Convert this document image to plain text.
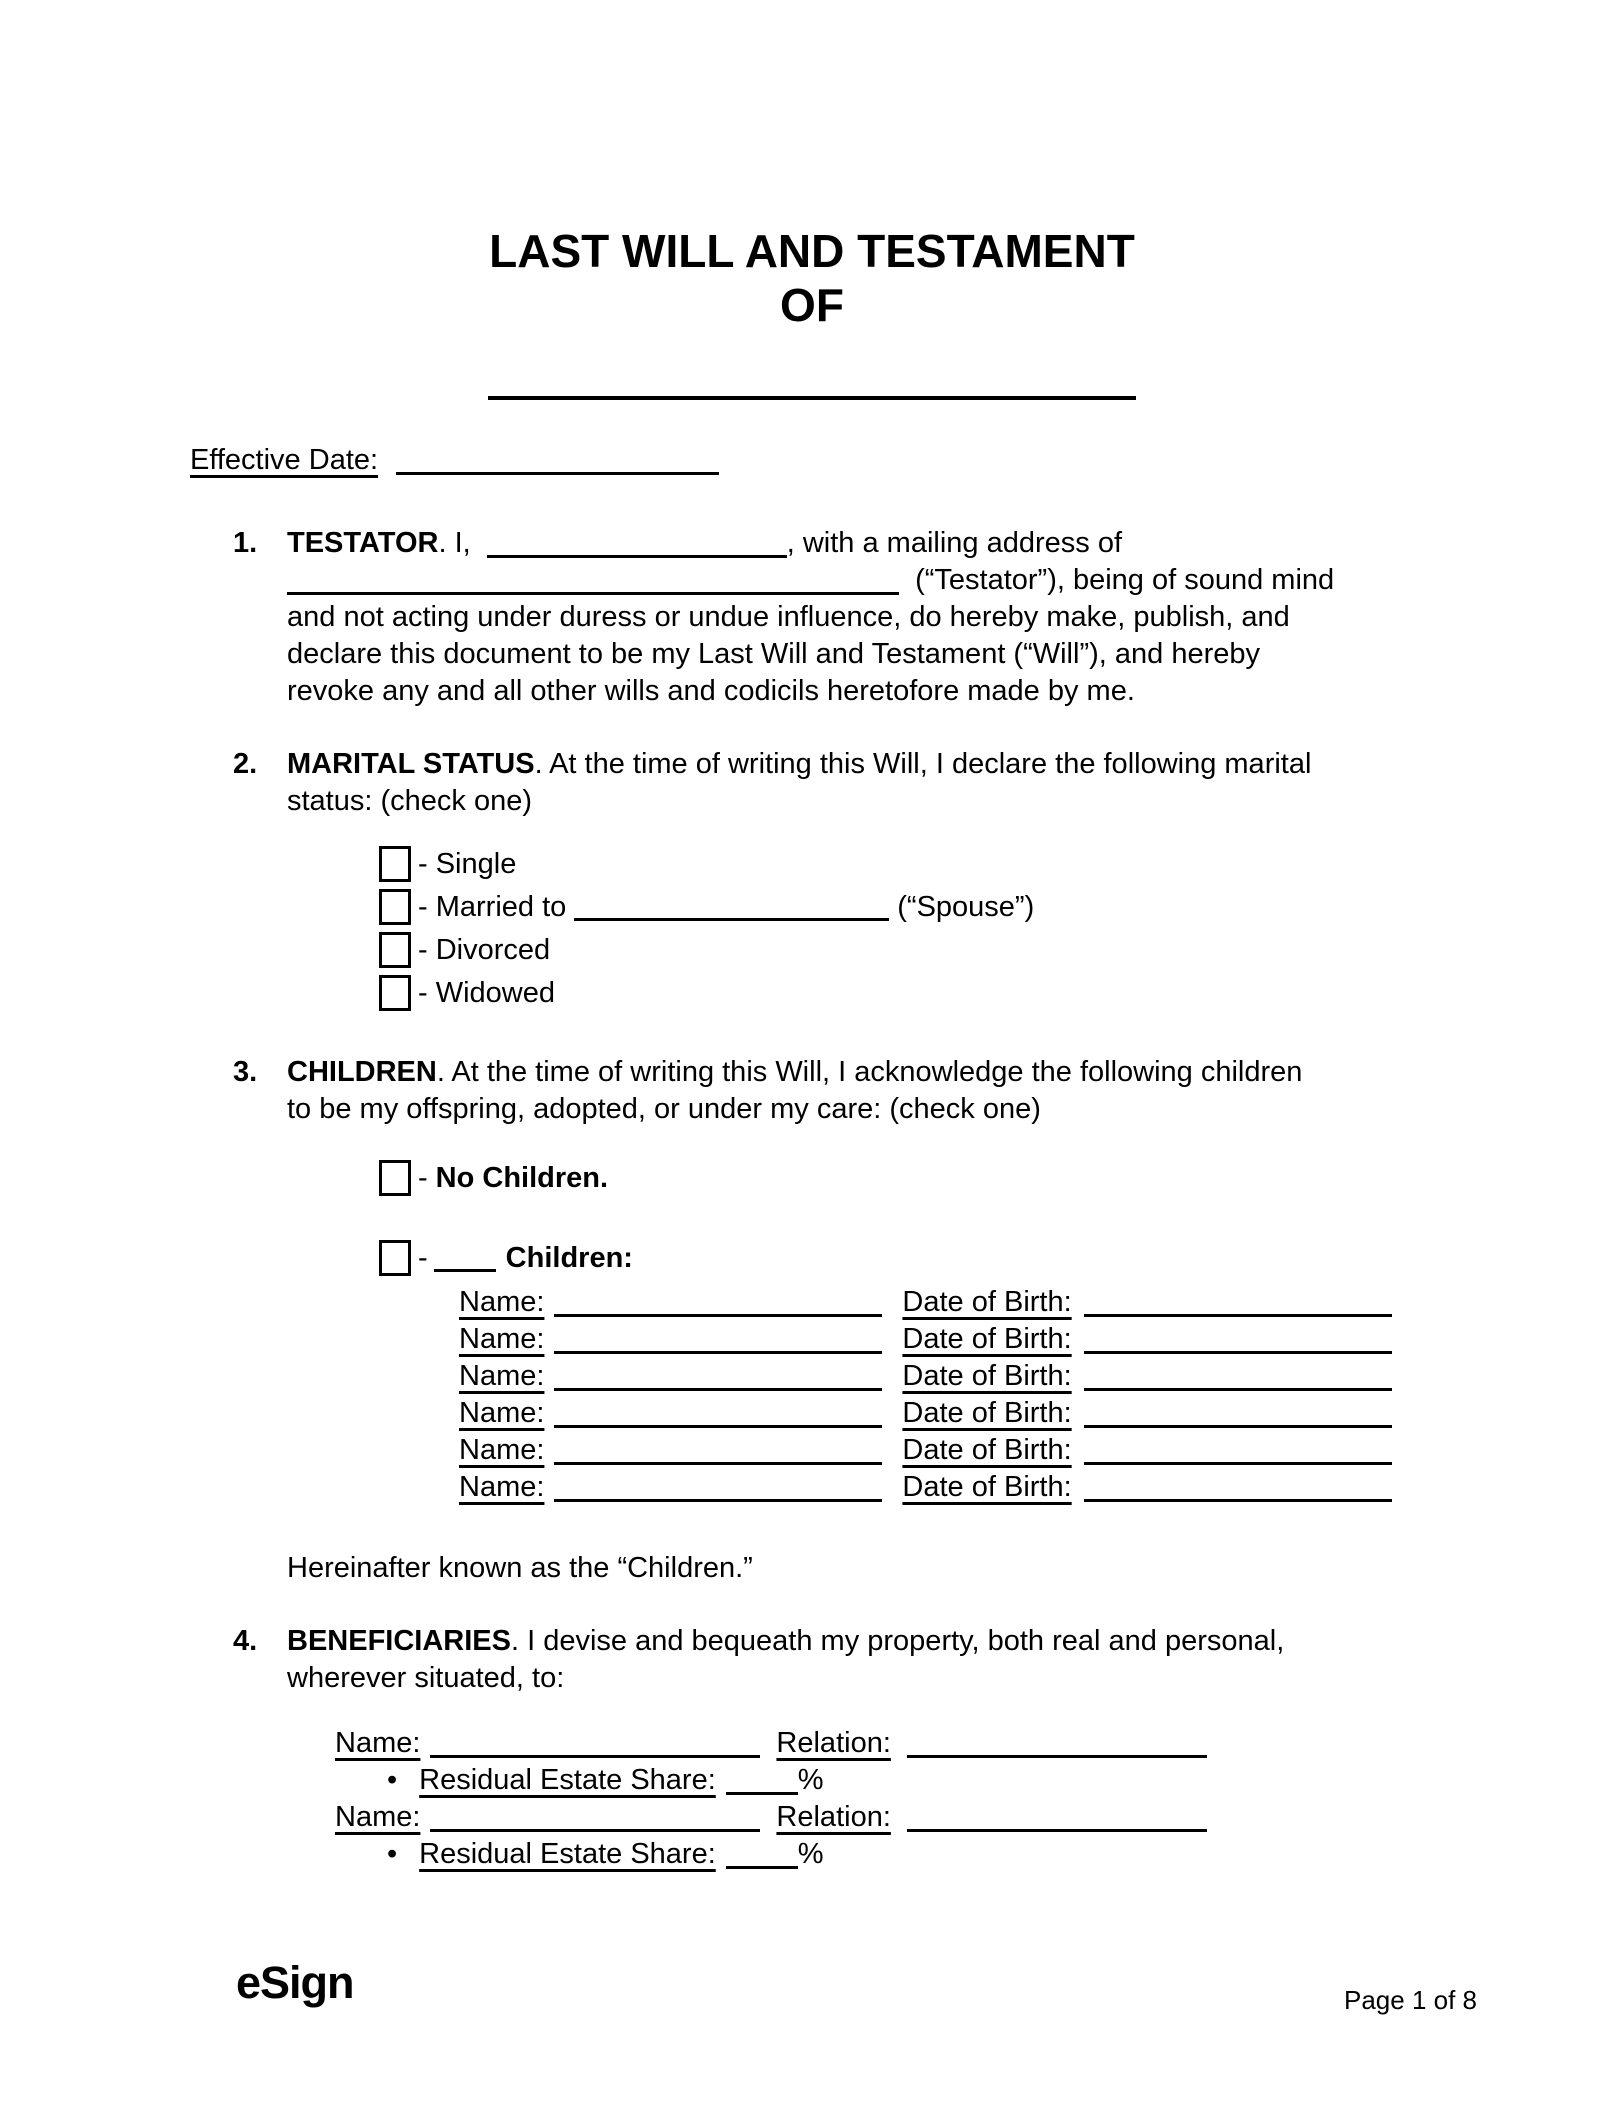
LAST WILL AND TESTAMENT
OF
Effective Date:
1.	TESTATOR. I,	, with a mailing address of
(“Testator”), being of sound mind
and not acting under duress or undue influence, do hereby make, publish, and
declare this document to be my Last Will and Testament (“Will”), and hereby
revoke any and all other wills and codicils heretofore made by me.
2.	MARITAL STATUS. At the time of writing this Will, I declare the following marital
status: (check one)
- Single
- Married to	(“Spouse”)
- Divorced
- Widowed
3.	CHILDREN. At the time of writing this Will, I acknowledge the following children
to be my offspring, adopted, or under my care: (check one)
- No Children.
-	Children:
Name:	Date of Birth:
Name:	Date of Birth:
Name:	Date of Birth:
Name:	Date of Birth:
Name:	Date of Birth:
Name:	Date of Birth:
Hereinafter known as the “Children.”
4.	BENEFICIARIES. I devise and bequeath my property, both real and personal,
wherever situated, to:
Name:	Relation:
• Residual Estate Share:	%
Name:	Relation:
• Residual Estate Share:	%
eSign	Page 1 of 8
